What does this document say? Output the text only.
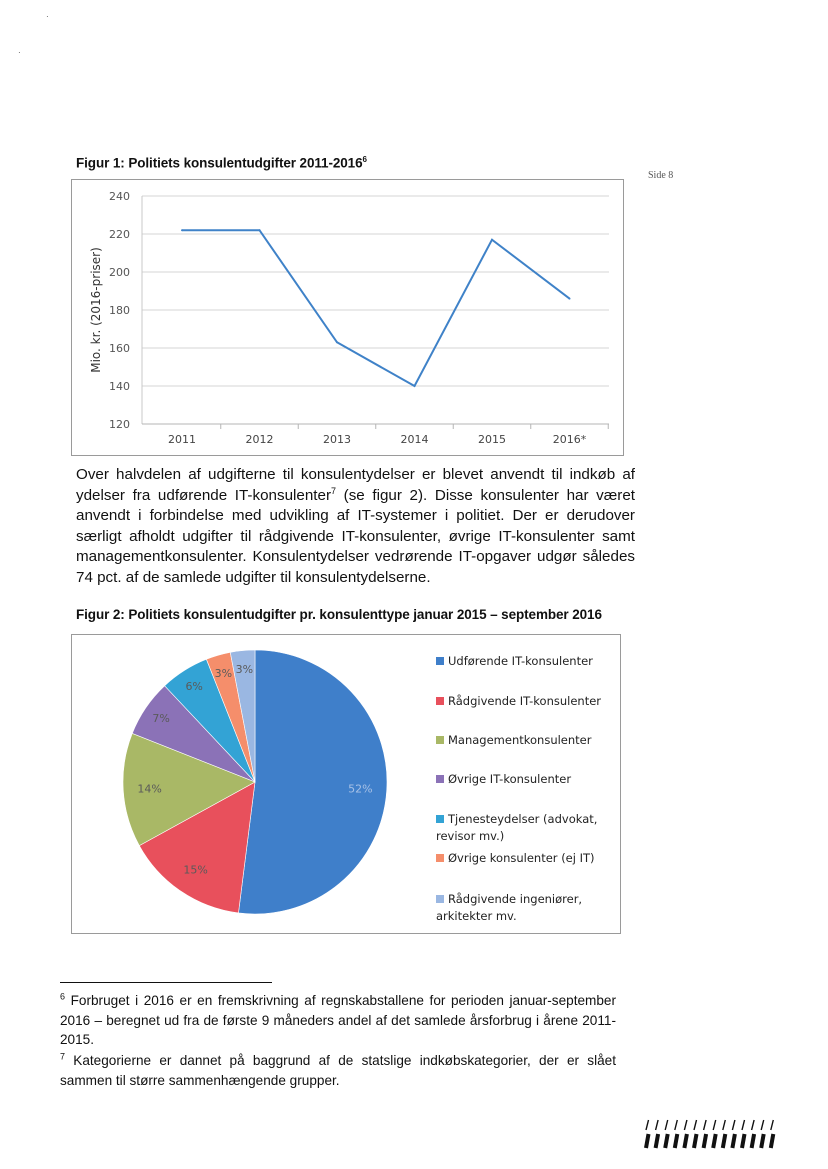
·
·
Figur 1: Politiets konsulentudgifter 2011-2016$^6$
Side 8
240
220
200
180
160
140
120
2011	2012	2013	2014	2015	2016*
Mio. kr. (2016-priser)
Over halvdelen af udgifterne til konsulentydelser er blevet anvendt til indkøb af ydelser fra udførende IT-konsulenter$^7$ (se figur 2). Disse konsulenter har været anvendt i forbindelse med udvikling af IT-systemer i politiet. Der er derudover særligt afholdt udgifter til rådgivende IT-konsulenter, øvrige IT-konsulenter samt managementkonsulenter. Konsulentydelser vedrørende IT-opgaver udgør således 74 pct. af de samlede udgifter til konsulentydelserne.
Figur 2: Politiets konsulentudgifter pr. konsulenttype januar 2015 – september 2016
52%
15%
14%
7%
6%
3% 3%
Udførende IT-konsulenter
Rådgivende IT-konsulenter
Managementkonsulenter
Øvrige IT-konsulenter
Tjenesteydelser (advokat,
revisor mv.)
Øvrige konsulenter (ej IT)
Rådgivende ingeniører,
arkitekter mv.
$^6$ Forbruget i 2016 er en fremskrivning af regnskabstallene for perioden januar-september 2016 – beregnet ud fra de første 9 måneders andel af det samlede årsforbrug i årene 2011-2015.
$^7$ Kategorierne er dannet på baggrund af de statslige indkøbskategorier, der er slået sammen til større sammenhængende grupper.
